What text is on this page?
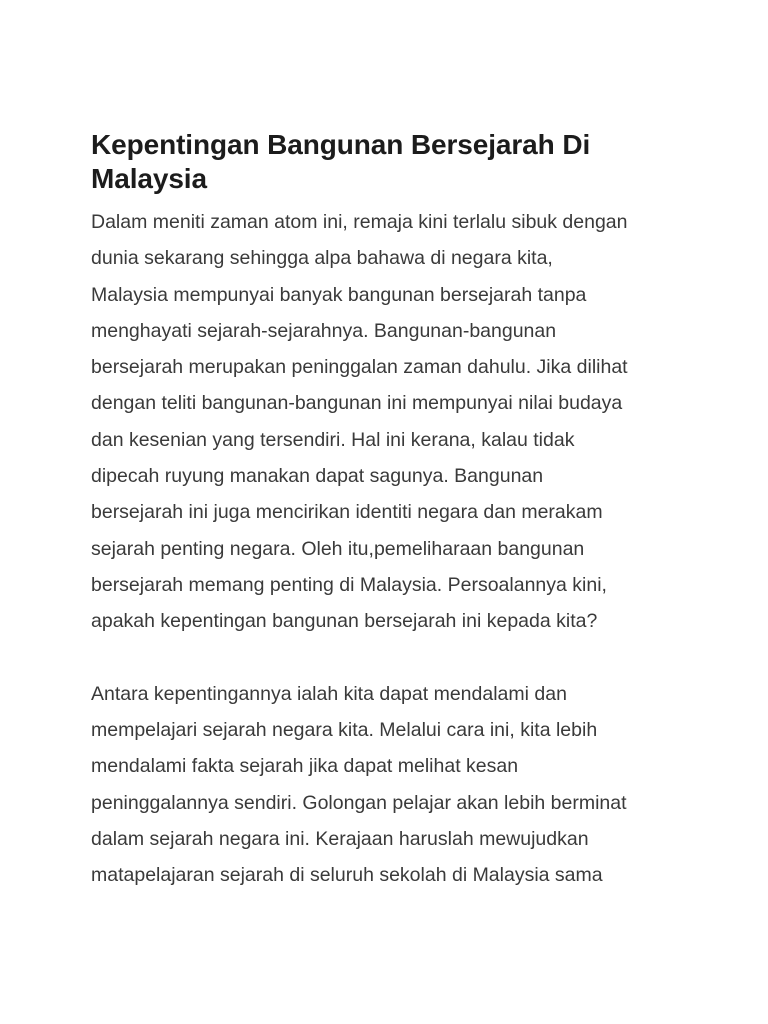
Kepentingan Bangunan Bersejarah Di
Malaysia
Dalam meniti zaman atom ini, remaja kini terlalu sibuk dengan
dunia sekarang sehingga alpa bahawa di negara kita,
Malaysia mempunyai banyak bangunan bersejarah tanpa
menghayati sejarah-sejarahnya. Bangunan-bangunan
bersejarah merupakan peninggalan zaman dahulu. Jika dilihat
dengan teliti bangunan-bangunan ini mempunyai nilai budaya
dan kesenian yang tersendiri. Hal ini kerana, kalau tidak
dipecah ruyung manakan dapat sagunya. Bangunan
bersejarah ini juga mencirikan identiti negara dan merakam
sejarah penting negara. Oleh itu,pemeliharaan bangunan
bersejarah memang penting di Malaysia. Persoalannya kini,
apakah kepentingan bangunan bersejarah ini kepada kita?
Antara kepentingannya ialah kita dapat mendalami dan
mempelajari sejarah negara kita. Melalui cara ini, kita lebih
mendalami fakta sejarah jika dapat melihat kesan
peninggalannya sendiri. Golongan pelajar akan lebih berminat
dalam sejarah negara ini. Kerajaan haruslah mewujudkan
matapelajaran sejarah di seluruh sekolah di Malaysia sama
